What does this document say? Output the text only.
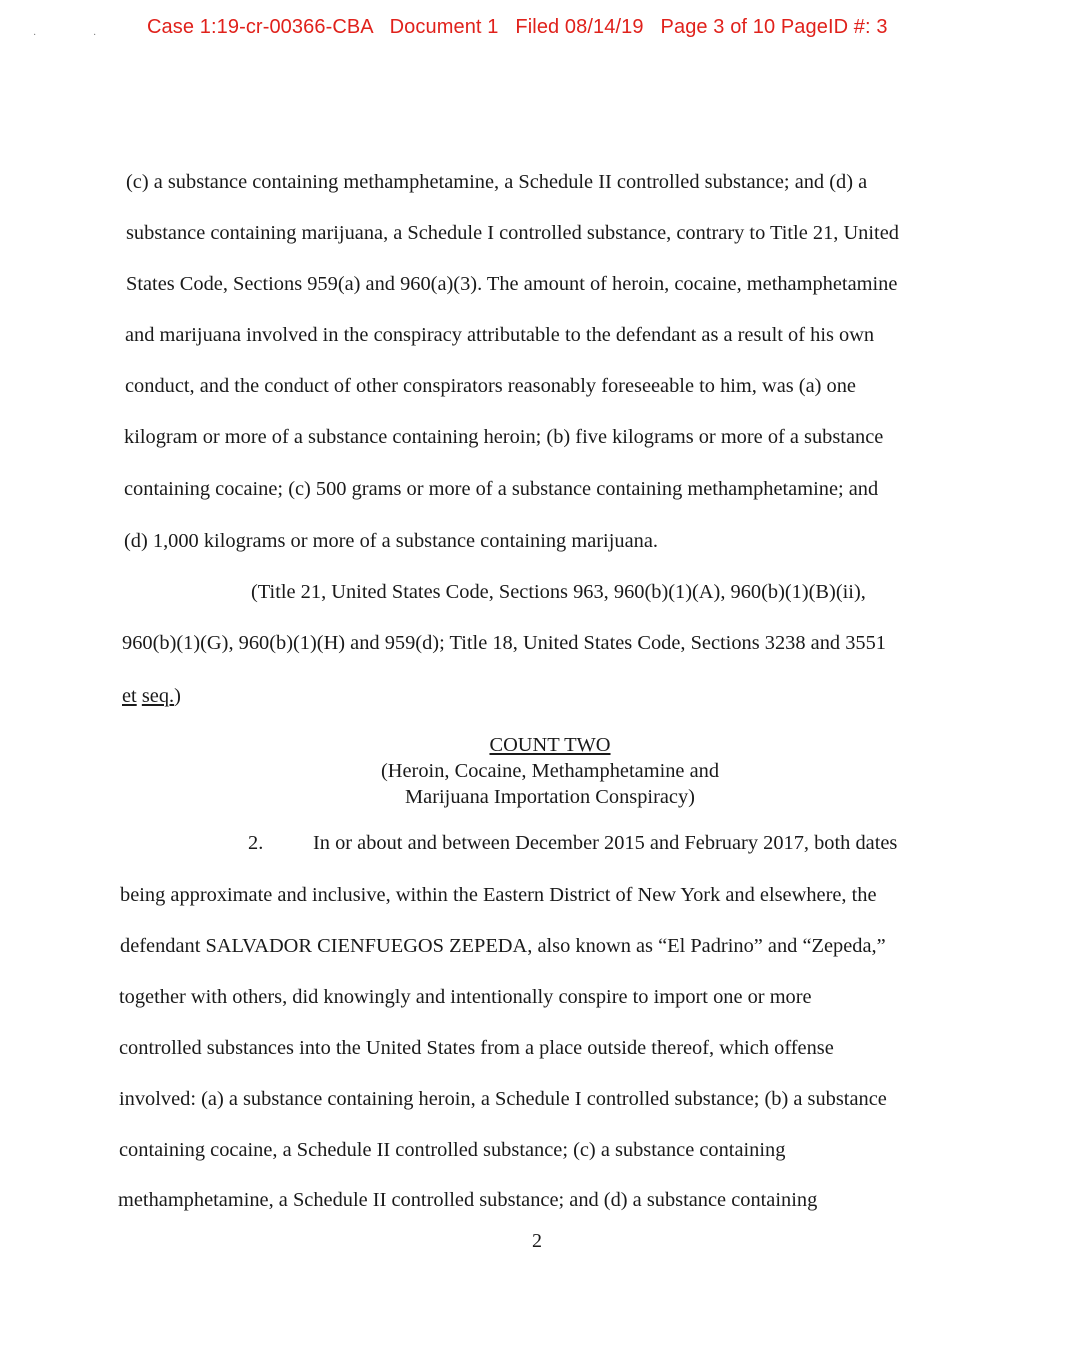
Case 1:19-cr-00366-CBA   Document 1   Filed 08/14/19   Page 3 of 10 PageID #: 3
·	·
(c) a substance containing methamphetamine, a Schedule II controlled substance; and (d) a
substance containing marijuana, a Schedule I controlled substance, contrary to Title 21, United
States Code, Sections 959(a) and 960(a)(3). The amount of heroin, cocaine, methamphetamine
and marijuana involved in the conspiracy attributable to the defendant as a result of his own
conduct, and the conduct of other conspirators reasonably foreseeable to him, was (a) one
kilogram or more of a substance containing heroin; (b) five kilograms or more of a substance
containing cocaine; (c) 500 grams or more of a substance containing methamphetamine; and
(d) 1,000 kilograms or more of a substance containing marijuana.
(Title 21, United States Code, Sections 963, 960(b)(1)(A), 960(b)(1)(B)(ii),
960(b)(1)(G), 960(b)(1)(H) and 959(d); Title 18, United States Code, Sections 3238 and 3551
et seq.)
COUNT TWO
(Heroin, Cocaine, Methamphetamine and
Marijuana Importation Conspiracy)
2. In or about and between December 2015 and February 2017, both dates
being approximate and inclusive, within the Eastern District of New York and elsewhere, the
defendant SALVADOR CIENFUEGOS ZEPEDA, also known as “El Padrino” and “Zepeda,”
together with others, did knowingly and intentionally conspire to import one or more
controlled substances into the United States from a place outside thereof, which offense
involved: (a) a substance containing heroin, a Schedule I controlled substance; (b) a substance
containing cocaine, a Schedule II controlled substance; (c) a substance containing
methamphetamine, a Schedule II controlled substance; and (d) a substance containing
2
